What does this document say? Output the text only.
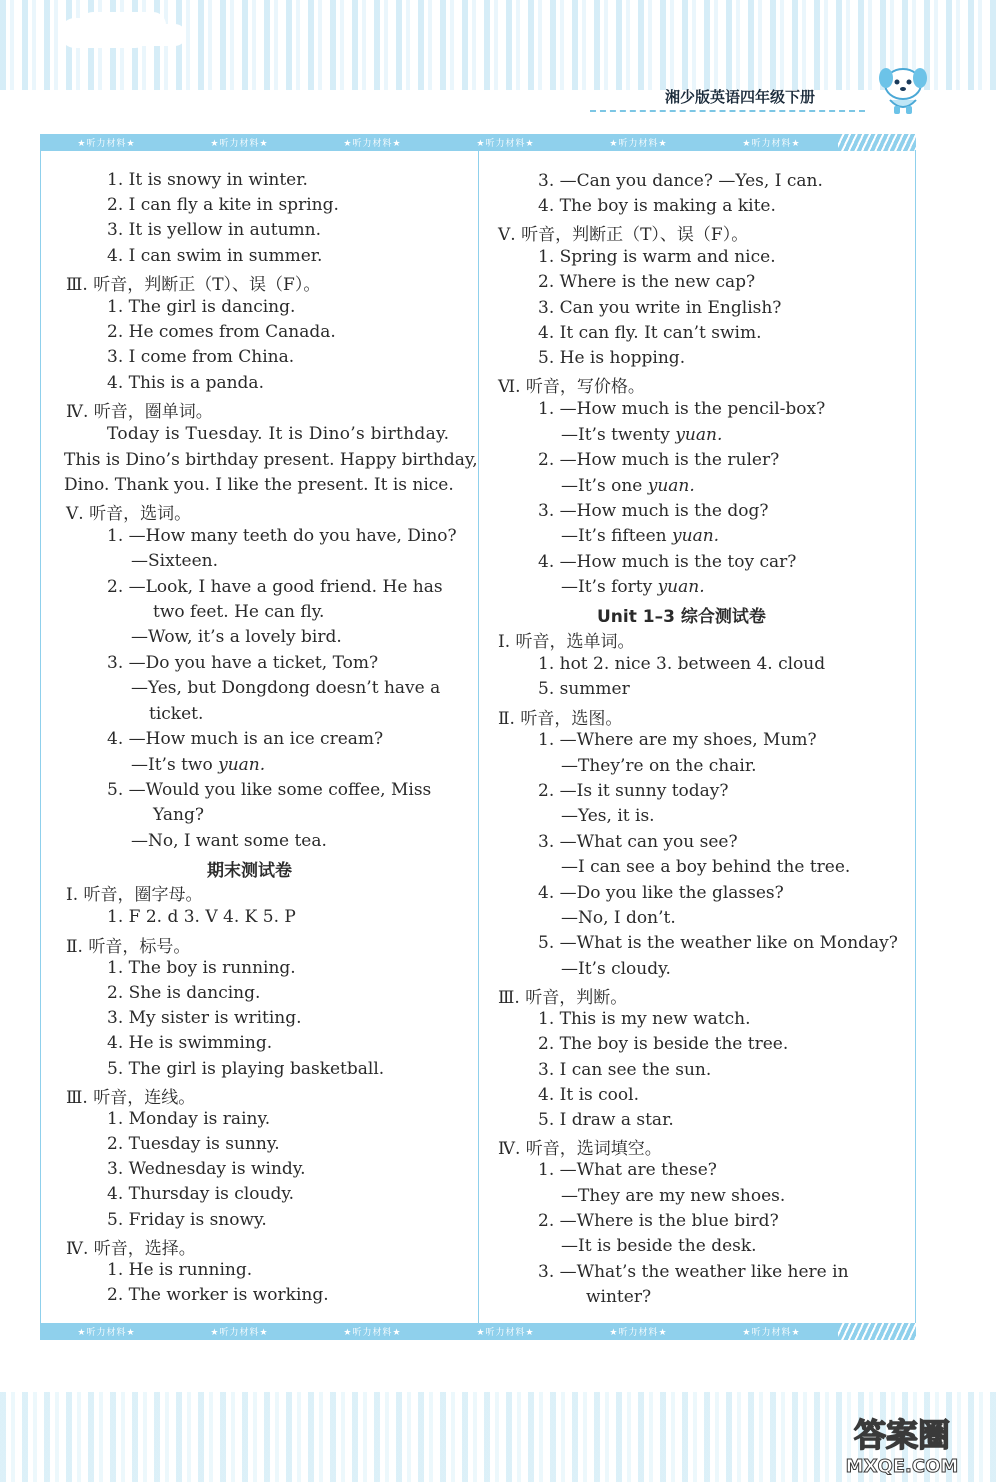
湘少版英语四年级下册
★听力材料★	★听力材料★	★听力材料★	★听力材料★	★听力材料★	★听力材料★
1. It is snowy in winter.
2. I can fly a kite in spring.
3. It is yellow in autumn.
4. I can swim in summer.
Ⅲ. 听音，判断正（T）、误（F）。
1. The girl is dancing.
2. He comes from Canada.
3. I come from China.
4. This is a panda.
Ⅳ. 听音，圈单词。
Today is Tuesday. It is Dino’s birthday.
This is Dino’s birthday present. Happy birthday,
Dino. Thank you. I like the present. It is nice.
Ⅴ. 听音，选词。
1. —How many teeth do you have, Dino?
—Sixteen.
2. —Look, I have a good friend. He has
two feet. He can fly.
—Wow, it’s a lovely bird.
3. —Do you have a ticket, Tom?
—Yes, but Dongdong doesn’t have a
ticket.
4. —How much is an ice cream?
—It’s two yuan.
5. —Would you like some coffee, Miss
Yang?
—No, I want some tea.
期末测试卷
Ⅰ. 听音，圈字母。
1. F 2. d 3. V 4. K 5. P
Ⅱ. 听音，标号。
1. The boy is running.
2. She is dancing.
3. My sister is writing.
4. He is swimming.
5. The girl is playing basketball.
Ⅲ. 听音，连线。
1. Monday is rainy.
2. Tuesday is sunny.
3. Wednesday is windy.
4. Thursday is cloudy.
5. Friday is snowy.
Ⅳ. 听音，选择。
1. He is running.
2. The worker is working.
3. —Can you dance? —Yes, I can.
4. The boy is making a kite.
Ⅴ. 听音，判断正（T）、误（F）。
1. Spring is warm and nice.
2. Where is the new cap?
3. Can you write in English?
4. It can fly. It can’t swim.
5. He is hopping.
Ⅵ. 听音，写价格。
1. —How much is the pencil-box?
—It’s twenty yuan.
2. —How much is the ruler?
—It’s one yuan.
3. —How much is the dog?
—It’s fifteen yuan.
4. —How much is the toy car?
—It’s forty yuan.
Unit 1–3 综合测试卷
Ⅰ. 听音，选单词。
1. hot 2. nice 3. between 4. cloud
5. summer
Ⅱ. 听音，选图。
1. —Where are my shoes, Mum?
—They’re on the chair.
2. —Is it sunny today?
—Yes, it is.
3. —What can you see?
—I can see a boy behind the tree.
4. —Do you like the glasses?
—No, I don’t.
5. —What is the weather like on Monday?
—It’s cloudy.
Ⅲ. 听音，判断。
1. This is my new watch.
2. The boy is beside the tree.
3. I can see the sun.
4. It is cool.
5. I draw a star.
Ⅳ. 听音，选词填空。
1. —What are these?
—They are my new shoes.
2. —Where is the blue bird?
—It is beside the desk.
3. —What’s the weather like here in
winter?
★听力材料★	★听力材料★	★听力材料★	★听力材料★	★听力材料★	★听力材料★
答案圈
MXQE.COM
